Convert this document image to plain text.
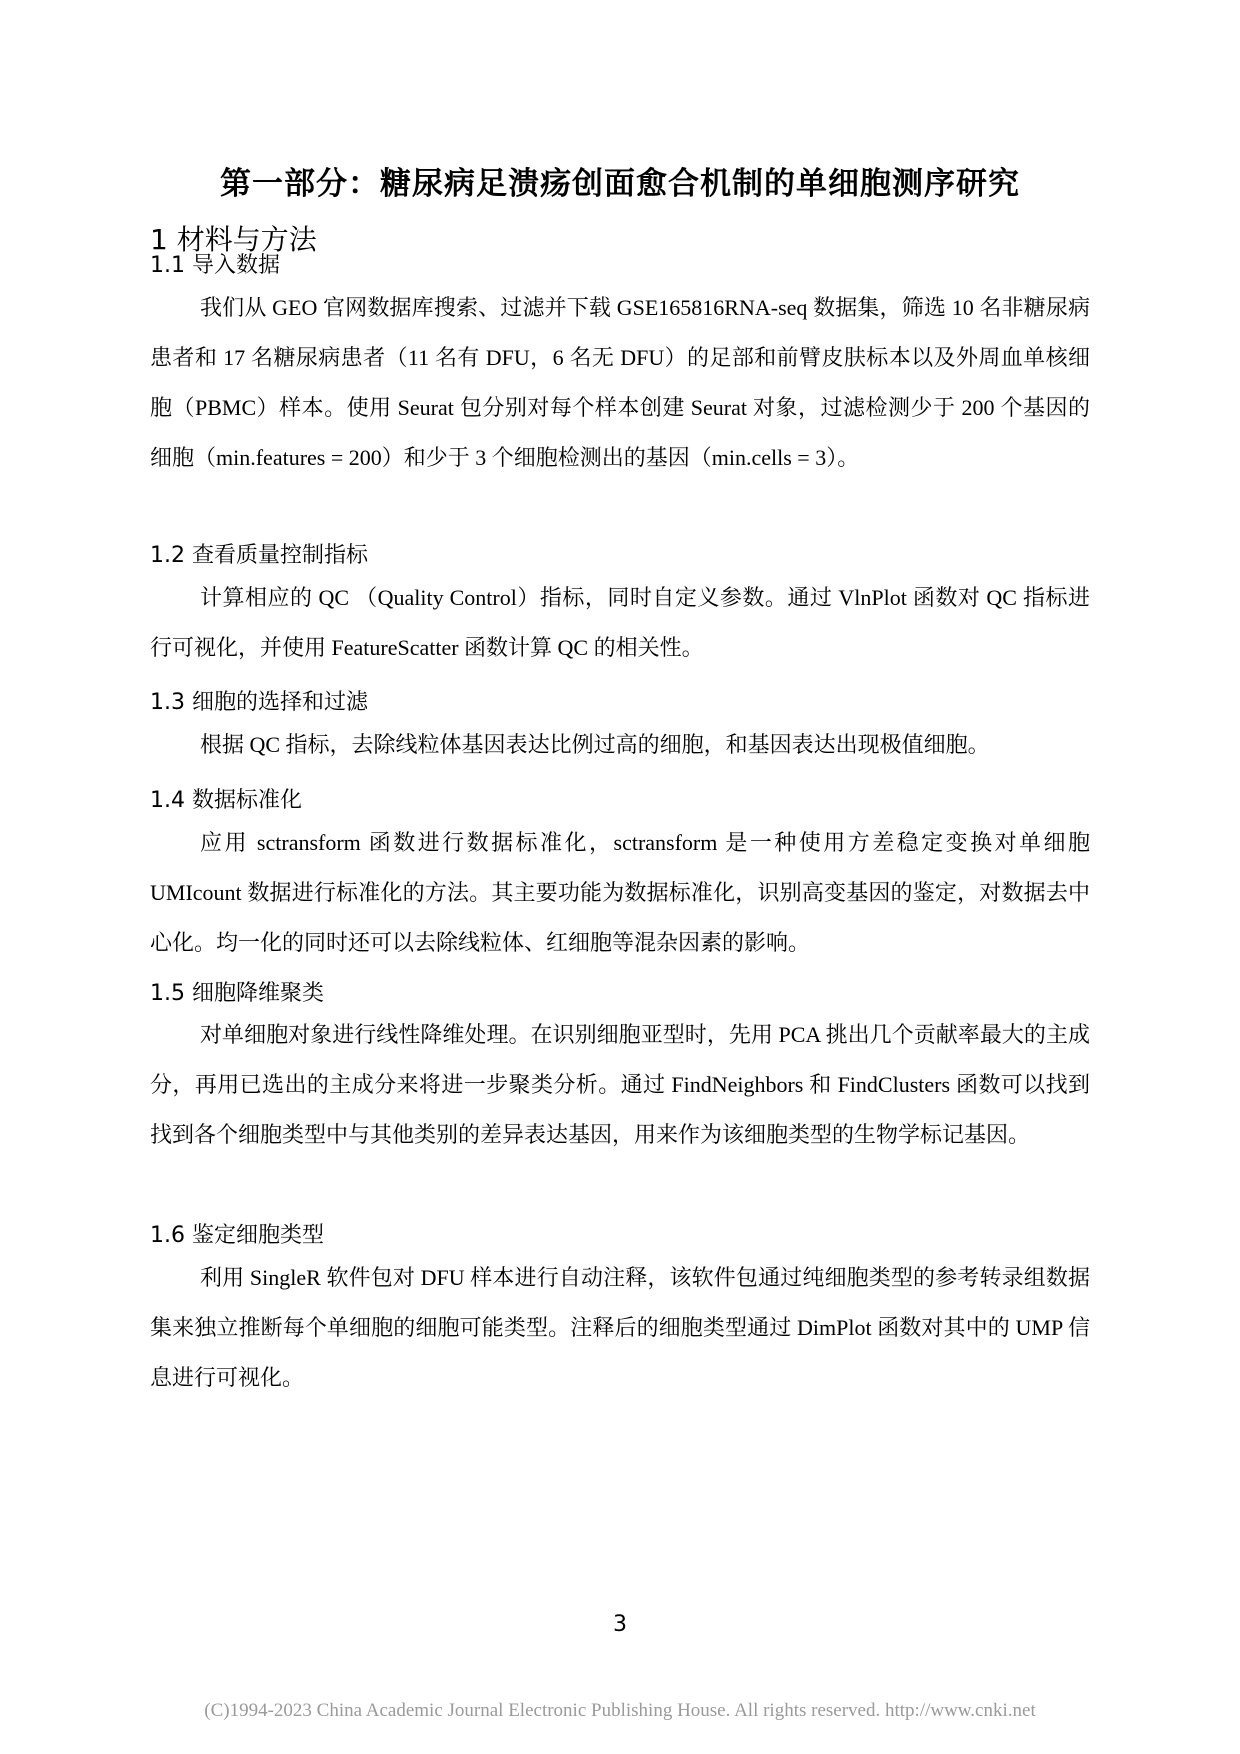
第一部分：糖尿病足溃疡创面愈合机制的单细胞测序研究
1 材料与方法
1.1 导入数据

我们从 GEO 官网数据库搜索、过滤并下载 GSE165816RNA-seq 数据集，筛选 10 名非糖尿病患者和 17 名糖尿病患者（11 名有 DFU，6 名无 DFU）的足部和前臂皮肤标本以及外周血单核细胞（PBMC）样本。使用 Seurat 包分别对每个样本创建 Seurat 对象，过滤检测少于 200 个基因的细胞（min.features = 200）和少于 3 个细胞检测出的基因（min.cells = 3）。

1.2 查看质量控制指标

计算相应的 QC （Quality Control）指标，同时自定义参数。通过 VlnPlot 函数对 QC 指标进行可视化，并使用 FeatureScatter 函数计算 QC 的相关性。

1.3 细胞的选择和过滤

根据 QC 指标，去除线粒体基因表达比例过高的细胞，和基因表达出现极值细胞。

1.4 数据标准化

应用 sctransform 函数进行数据标准化，sctransform 是一种使用方差稳定变换对单细胞 UMIcount 数据进行标准化的方法。其主要功能为数据标准化，识别高变基因的鉴定，对数据去中心化。均一化的同时还可以去除线粒体、红细胞等混杂因素的影响。

1.5 细胞降维聚类

对单细胞对象进行线性降维处理。在识别细胞亚型时，先用 PCA 挑出几个贡献率最大的主成分，再用已选出的主成分来将进一步聚类分析。通过 FindNeighbors 和 FindClusters 函数可以找到找到各个细胞类型中与其他类别的差异表达基因，用来作为该细胞类型的生物学标记基因。

1.6 鉴定细胞类型

利用 SingleR 软件包对 DFU 样本进行自动注释，该软件包通过纯细胞类型的参考转录组数据集来独立推断每个单细胞的细胞可能类型。注释后的细胞类型通过 DimPlot 函数对其中的 UMP 信息进行可视化。

3
(C)1994-2023 China Academic Journal Electronic Publishing House. All rights reserved. http://www.cnki.net
